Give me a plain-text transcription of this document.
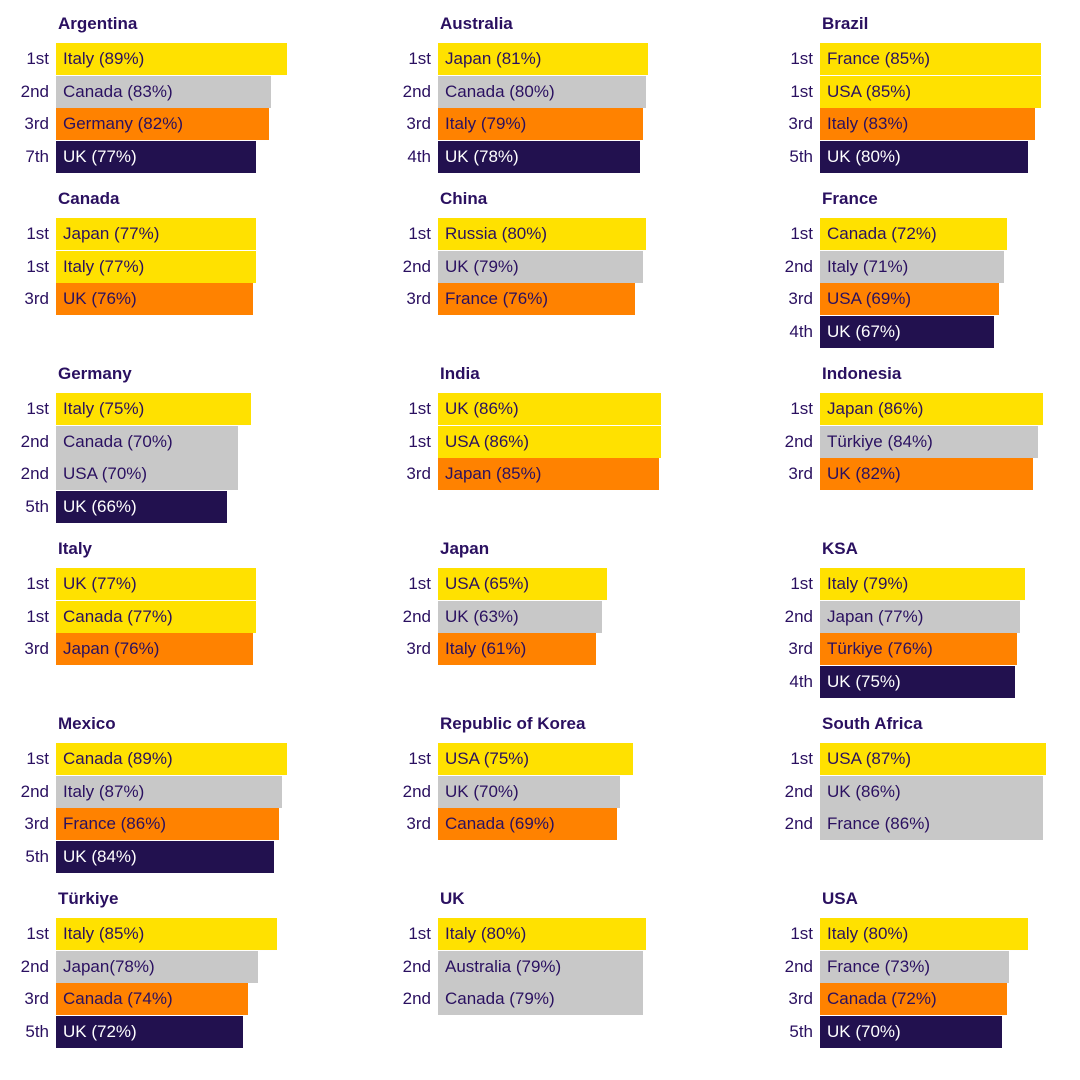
Argentina
1st Italy (89%)
2nd Canada (83%)
3rd Germany (82%)
7th UK (77%)
Australia
1st Japan (81%)
2nd Canada (80%)
3rd Italy (79%)
4th UK (78%)
Brazil
1st France (85%)
1st USA (85%)
3rd Italy (83%)
5th UK (80%)
Canada
1st Japan (77%)
1st Italy (77%)
3rd UK (76%)
China
1st Russia (80%)
2nd UK (79%)
3rd France (76%)
France
1st Canada (72%)
2nd Italy (71%)
3rd USA (69%)
4th UK (67%)
Germany
1st Italy (75%)
2nd Canada (70%)
2nd USA (70%)
5th UK (66%)
India
1st UK (86%)
1st USA (86%)
3rd Japan (85%)
Indonesia
1st Japan (86%)
2nd Türkiye (84%)
3rd UK (82%)
Italy
1st UK (77%)
1st Canada (77%)
3rd Japan (76%)
Japan
1st USA (65%)
2nd UK (63%)
3rd Italy (61%)
KSA
1st Italy (79%)
2nd Japan (77%)
3rd Türkiye (76%)
4th UK (75%)
Mexico
1st Canada (89%)
2nd Italy (87%)
3rd France (86%)
5th UK (84%)
Republic of Korea
1st USA (75%)
2nd UK (70%)
3rd Canada (69%)
South Africa
1st USA (87%)
2nd UK (86%)
2nd France (86%)
Türkiye
1st Italy (85%)
2nd Japan(78%)
3rd Canada (74%)
5th UK (72%)
UK
1st Italy (80%)
2nd Australia (79%)
2nd Canada (79%)
USA
1st Italy (80%)
2nd France (73%)
3rd Canada (72%)
5th UK (70%)
